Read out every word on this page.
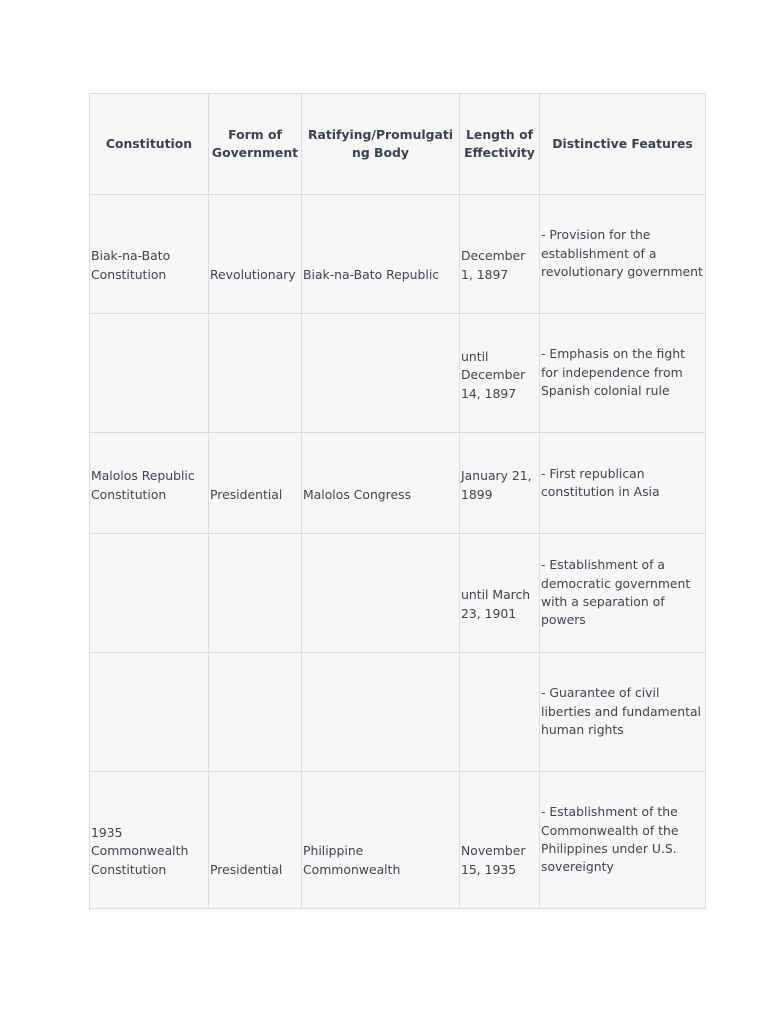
Constitution	Form of Government	Ratifying/Promulgating Body	Length of Effectivity	Distinctive Features
Biak-na-Bato Constitution	Revolutionary	Biak-na-Bato Republic	December 1, 1897	- Provision for the establishment of a revolutionary government
			until December 14, 1897	- Emphasis on the fight for independence from Spanish colonial rule
Malolos Republic Constitution	Presidential	Malolos Congress	January 21, 1899	- First republican constitution in Asia
			until March 23, 1901	- Establishment of a democratic government with a separation of powers
				- Guarantee of civil liberties and fundamental human rights
1935 Commonwealth Constitution	Presidential	Philippine Commonwealth	November 15, 1935	- Establishment of the Commonwealth of the Philippines under U.S. sovereignty
